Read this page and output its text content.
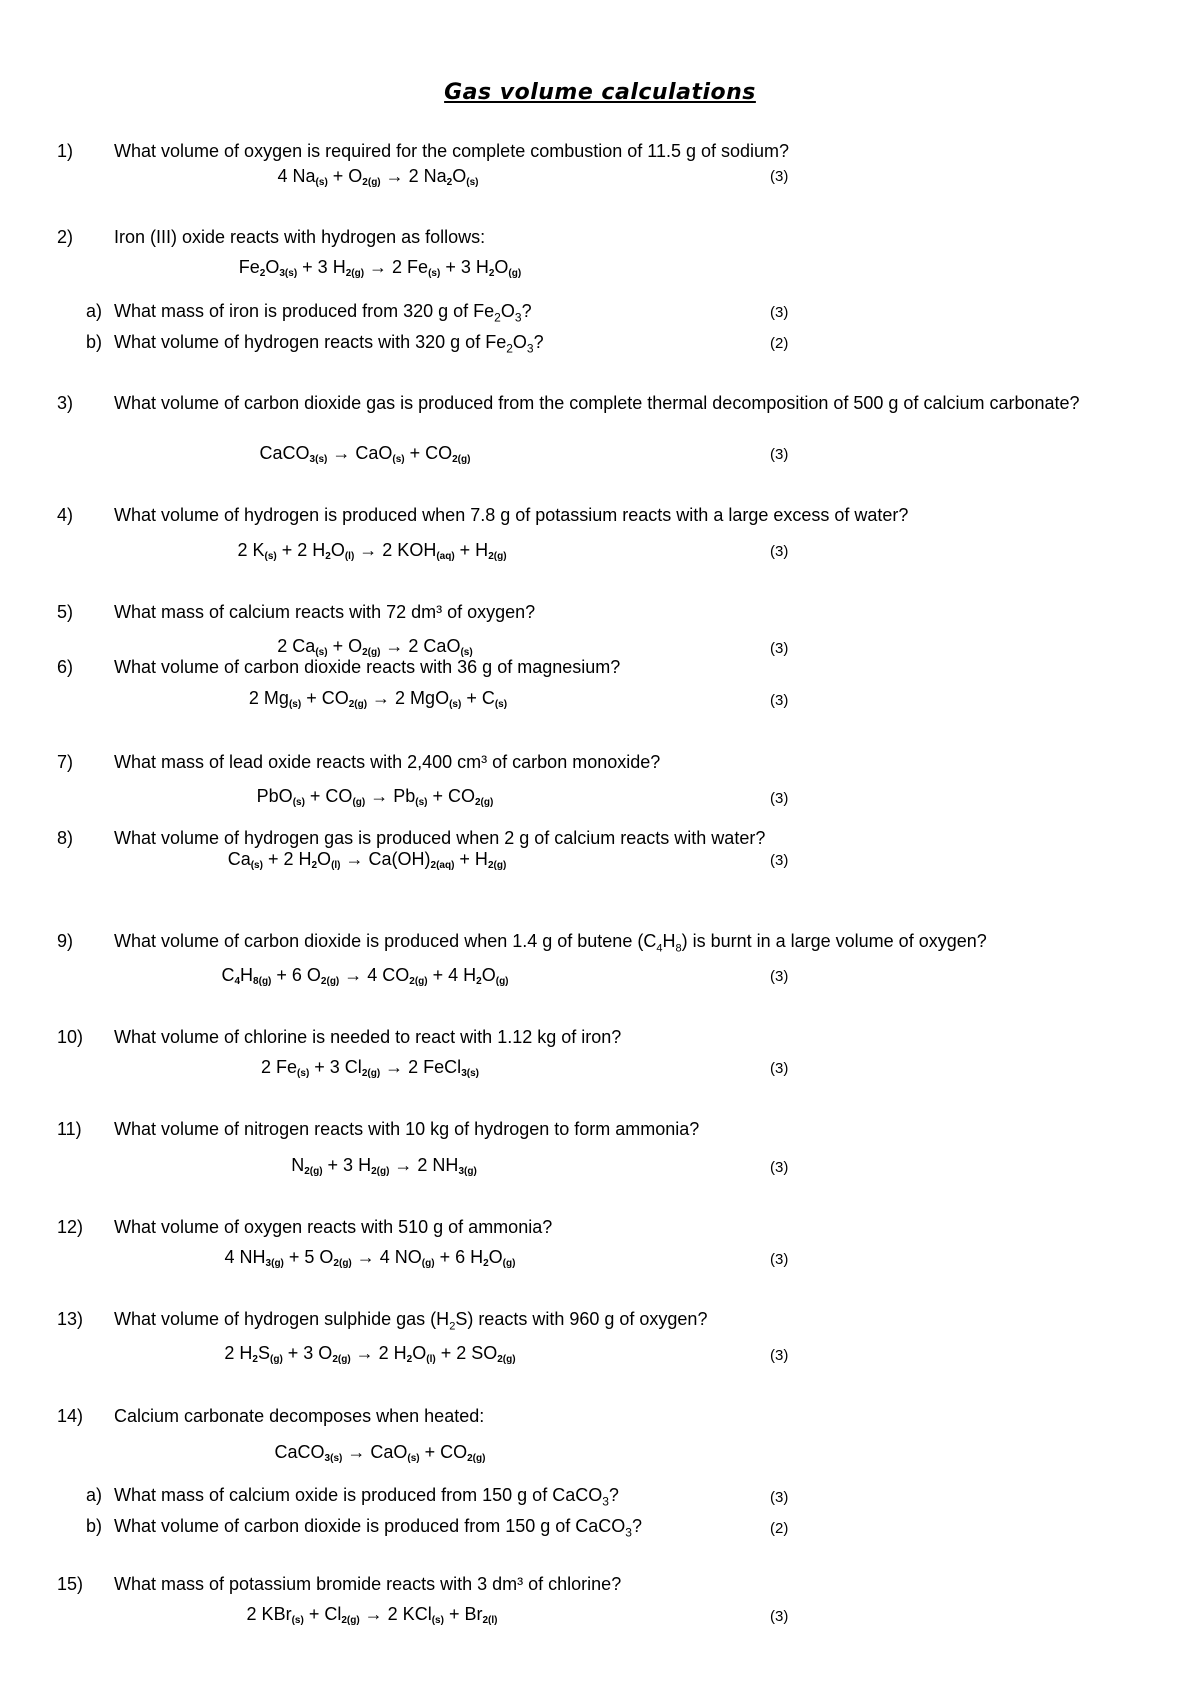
Gas volume calculations
1) What volume of oxygen is required for the complete combustion of 11.5 g of sodium?
4 $Na_{(s)} + O_{2(g)} \to 2$ $Na_2O_{(s)}$	(3)
2) Iron (III) oxide reacts with hydrogen as follows:
$Fe_2O_{3(s)} + 3$ $H_{2(g)} \to 2$ $Fe_{(s)} + 3$ $H_2O_{(g)}$
a) What mass of iron is produced from 320 g of $Fe_2O_3$?	(3)
b) What volume of hydrogen reacts with 320 g of $Fe_2O_3$?	(2)
3) What volume of carbon dioxide gas is produced from the complete thermal decomposition of 500 g of calcium carbonate?
CaCO$_{3(s)}$ → $CaO_{(s)} + CO_{2(g)}$	(3)
4) What volume of hydrogen is produced when 7.8 g of potassium reacts with a large excess of water?
2 $K_{(s)} + 2$ $H_2O_{(l)} \to 2$ $KOH_{(aq)} + H_{2(g)}$	(3)
5) What mass of calcium reacts with 72 dm³ of oxygen?
2 $Ca_{(s)} + O_{2(g)} \to 2$ CaO$_{(s)}$	(3)
6) What volume of carbon dioxide reacts with 36 g of magnesium?
2 $Mg_{(s)} + CO_{2(g)} \to 2$ $MgO_{(s)} + C_{(s)}$	(3)
7) What mass of lead oxide reacts with 2,400 cm³ of carbon monoxide?
$PbO_{(s)} + CO_{(g)} \to Pb_{(s)} + CO_{2(g)}$	(3)
8) What volume of hydrogen gas is produced when 2 g of calcium reacts with water?
$Ca_{(s)} + 2$ $H_2O_{(l)} \to Ca(OH)_{2(aq)} + H_{2(g)}$	(3)
9) What volume of carbon dioxide is produced when 1.4 g of butene $(C_4H_8)$ is burnt in a large volume of oxygen?
$C_4H_{8(g)} + 6$ $O_{2(g)} \to 4$ $CO_{2(g)} + 4$ $H_2O_{(g)}$	(3)
10) What volume of chlorine is needed to react with 1.12 kg of iron?
2 $Fe_{(s)} + 3$ $Cl_{2(g)} \to 2$ FeCl$_{3(s)}$	(3)
11) What volume of nitrogen reacts with 10 kg of hydrogen to form ammonia?
$N_{2(g)} + 3$ $H_{2(g)} \to 2$ $NH_{3(g)}$	(3)
12) What volume of oxygen reacts with 510 g of ammonia?
4 $NH_{3(g)} + 5$ $O_{2(g)} \to 4$ $NO_{(g)} + 6$ $H_2O_{(g)}$	(3)
13) What volume of hydrogen sulphide gas $(H_2S)$ reacts with 960 g of oxygen?
2 $H_2S_{(g)} + 3$ $O_{2(g)} \to 2$ $H_2O_{(l)} + 2$ $SO_{2(g)}$	(3)
14) Calcium carbonate decomposes when heated:
CaCO$_{3(s)}$ → $CaO_{(s)} + CO_{2(g)}$
a) What mass of calcium oxide is produced from 150 g of CaCO$_3$?	(3)
b) What volume of carbon dioxide is produced from 150 g of CaCO$_3$?	(2)
15) What mass of potassium bromide reacts with 3 dm³ of chlorine?
2 $KBr_{(s)} + Cl_{2(g)} \to 2$ $KCl_{(s)} + Br_{2(l)}$	(3)
